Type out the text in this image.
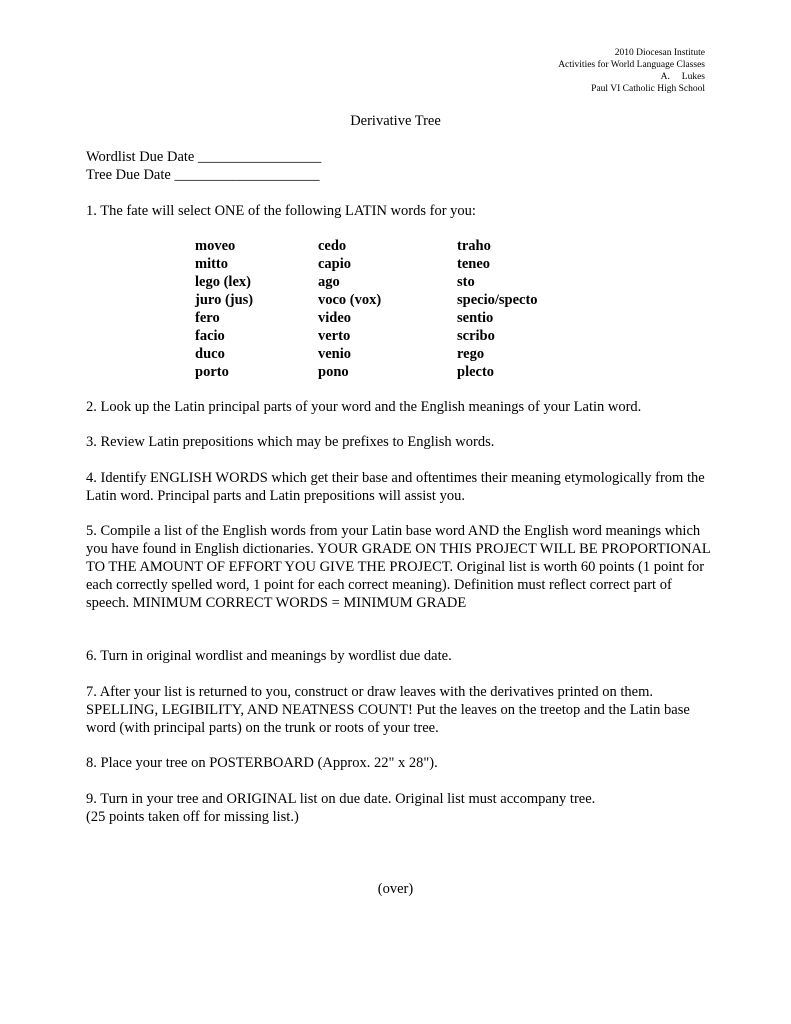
2010 Diocesan Institute
Activities for World Language Classes
A.     Lukes
Paul VI Catholic High School
Derivative Tree
Wordlist Due Date _________________
Tree Due Date ____________________
1. The fate will select ONE of the following LATIN words for you:
moveo	cedo	traho
mitto	capio	teneo
lego (lex)	ago	sto
juro (jus)	voco (vox)	specio/specto
fero	video	sentio
facio	verto	scribo
duco	venio	rego
porto	pono	plecto
2. Look up the Latin principal parts of your word and the English meanings of your Latin word.
3. Review Latin prepositions which may be prefixes to English words.
4. Identify ENGLISH WORDS which get their base and oftentimes their meaning etymologically from the Latin word. Principal parts and Latin prepositions will assist you.
5. Compile a list of the English words from your Latin base word AND the English word meanings which you have found in English dictionaries. YOUR GRADE ON THIS PROJECT WILL BE PROPORTIONAL TO THE AMOUNT OF EFFORT YOU GIVE THE PROJECT. Original list is worth 60 points (1 point for each correctly spelled word, 1 point for each correct meaning). Definition must reflect correct part of speech. MINIMUM CORRECT WORDS = MINIMUM GRADE
6. Turn in original wordlist and meanings by wordlist due date.
7. After your list is returned to you, construct or draw leaves with the derivatives printed on them. SPELLING, LEGIBILITY, AND NEATNESS COUNT! Put the leaves on the treetop and the Latin base word (with principal parts) on the trunk or roots of your tree.
8. Place your tree on POSTERBOARD (Approx. 22" x 28").
9. Turn in your tree and ORIGINAL list on due date. Original list must accompany tree.
(25 points taken off for missing list.)
(over)
